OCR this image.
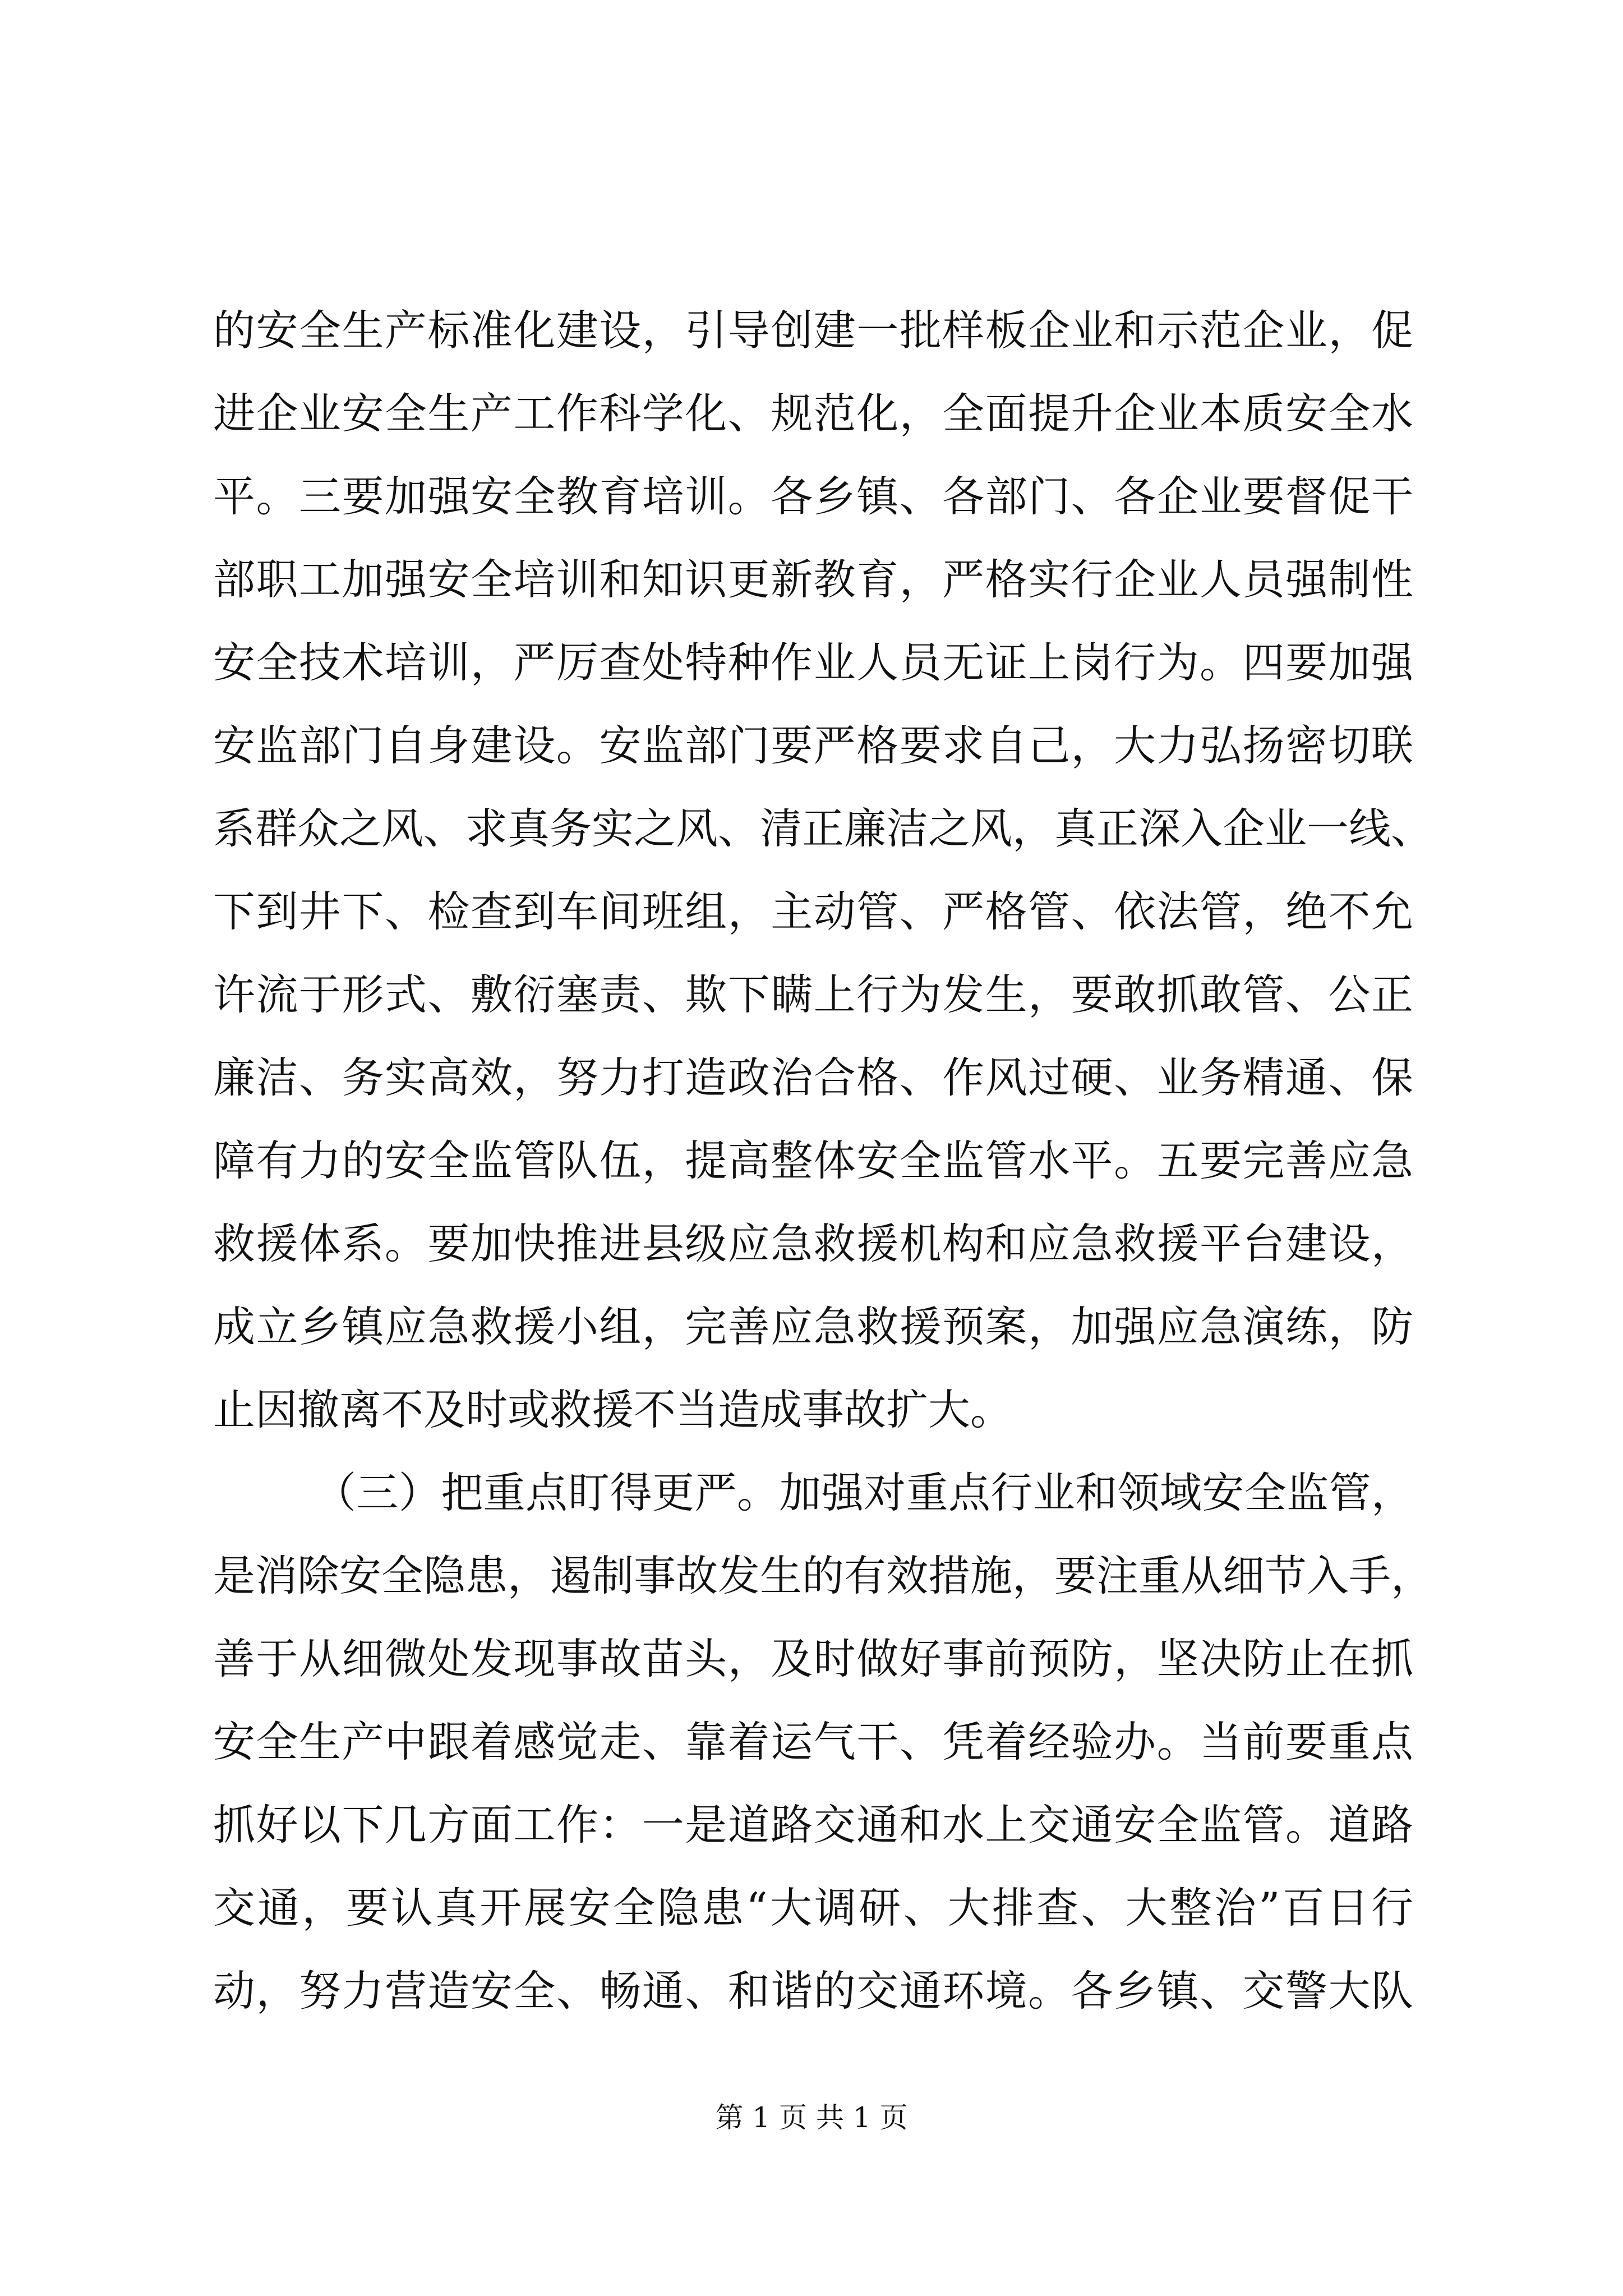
的安全生产标准化建设，引导创建一批样板企业和示范企业，促
进企业安全生产工作科学化、规范化，全面提升企业本质安全水
平。三要加强安全教育培训。各乡镇、各部门、各企业要督促干
部职工加强安全培训和知识更新教育，严格实行企业人员强制性
安全技术培训，严厉查处特种作业人员无证上岗行为。四要加强
安监部门自身建设。安监部门要严格要求自己，大力弘扬密切联
系群众之风、求真务实之风、清正廉洁之风，真正深入企业一线、
下到井下、检查到车间班组，主动管、严格管、依法管，绝不允
许流于形式、敷衍塞责、欺下瞒上行为发生，要敢抓敢管、公正
廉洁、务实高效，努力打造政治合格、作风过硬、业务精通、保
障有力的安全监管队伍，提高整体安全监管水平。五要完善应急
救援体系。要加快推进县级应急救援机构和应急救援平台建设，
成立乡镇应急救援小组，完善应急救援预案，加强应急演练，防
止因撤离不及时或救援不当造成事故扩大。
（三）把重点盯得更严。加强对重点行业和领域安全监管，
是消除安全隐患，遏制事故发生的有效措施，要注重从细节入手，
善于从细微处发现事故苗头，及时做好事前预防，坚决防止在抓
安全生产中跟着感觉走、靠着运气干、凭着经验办。当前要重点
抓好以下几方面工作：一是道路交通和水上交通安全监管。道路
交通，要认真开展安全隐患“大调研、大排查、大整治”百日行
动，努力营造安全、畅通、和谐的交通环境。各乡镇、交警大队
第 1 页 共 1 页
